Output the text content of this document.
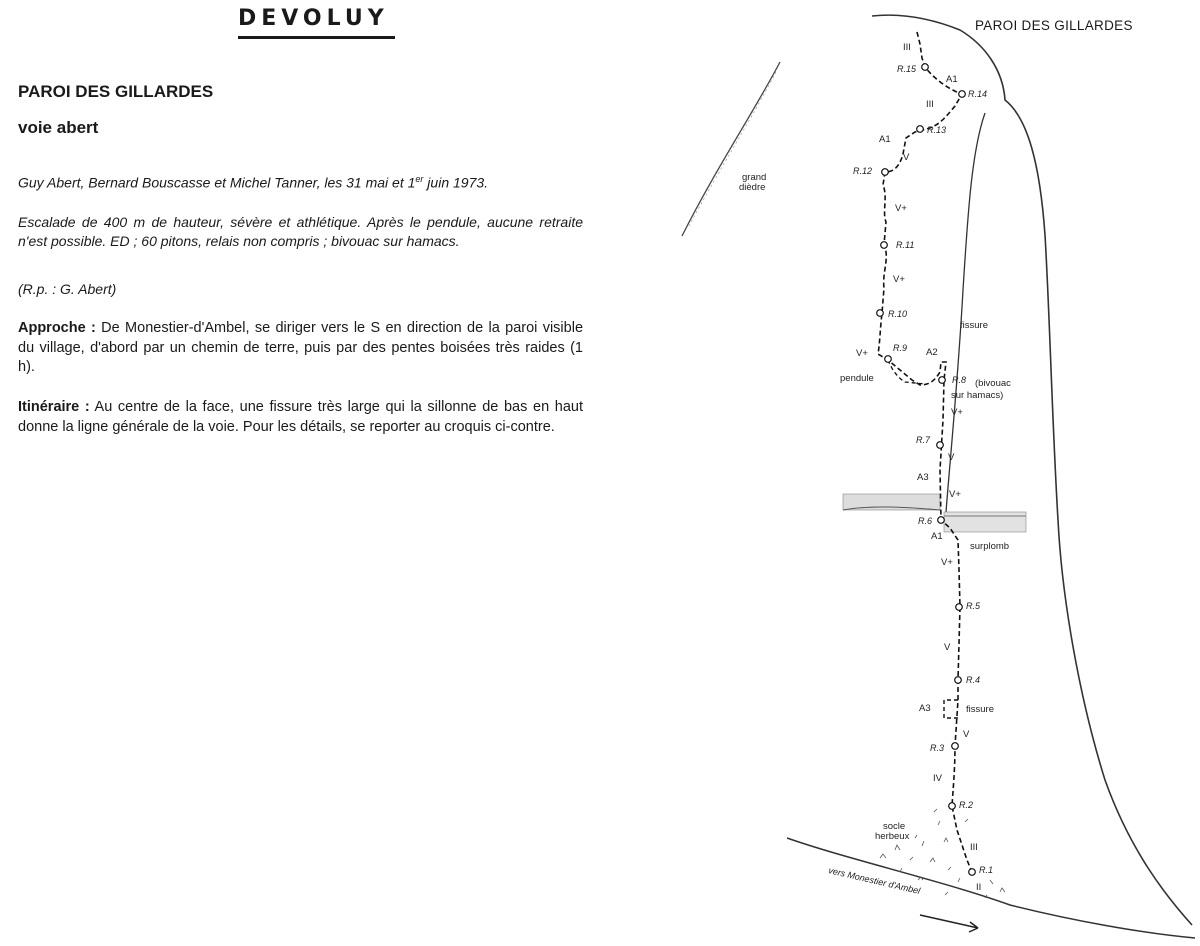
DEVOLUY
PAROI DES GILLARDES
voie abert
Guy Abert, Bernard Bouscasse et Michel Tanner, les 31 mai et 1er juin 1973.
Escalade de 400 m de hauteur, sévère et athlétique. Après le pendule, aucune retraite n'est possible. ED ; 60 pitons, relais non compris ; bivouac sur hamacs.
(R.p. : G. Abert)
Approche : De Monestier-d'Ambel, se diriger vers le S en direction de la paroi visible du village, d'abord par un chemin de terre, puis par des pentes boisées très raides (1 h).
Itinéraire : Au centre de la face, une fissure très large qui la sillonne de bas en haut donne la ligne générale de la voie. Pour les détails, se reporter au croquis ci-contre.
PAROI DES GILLARDES
R.15
R.14
R.13
R.12
R.11
R.10
R.9
R.8
R.7
R.6
R.5
R.4
R.3
R.2
R.1
III
A1
III
A1
V
V+
V+
V+	A2
V+
V
A3
V+
A1
V+
V
A3
V
IV
III
II
grand
dièdre
fissure
pendule	(bivouac
sur hamacs)
surplomb
fissure
socle
herbeux
vers Monestier d'Ambel
